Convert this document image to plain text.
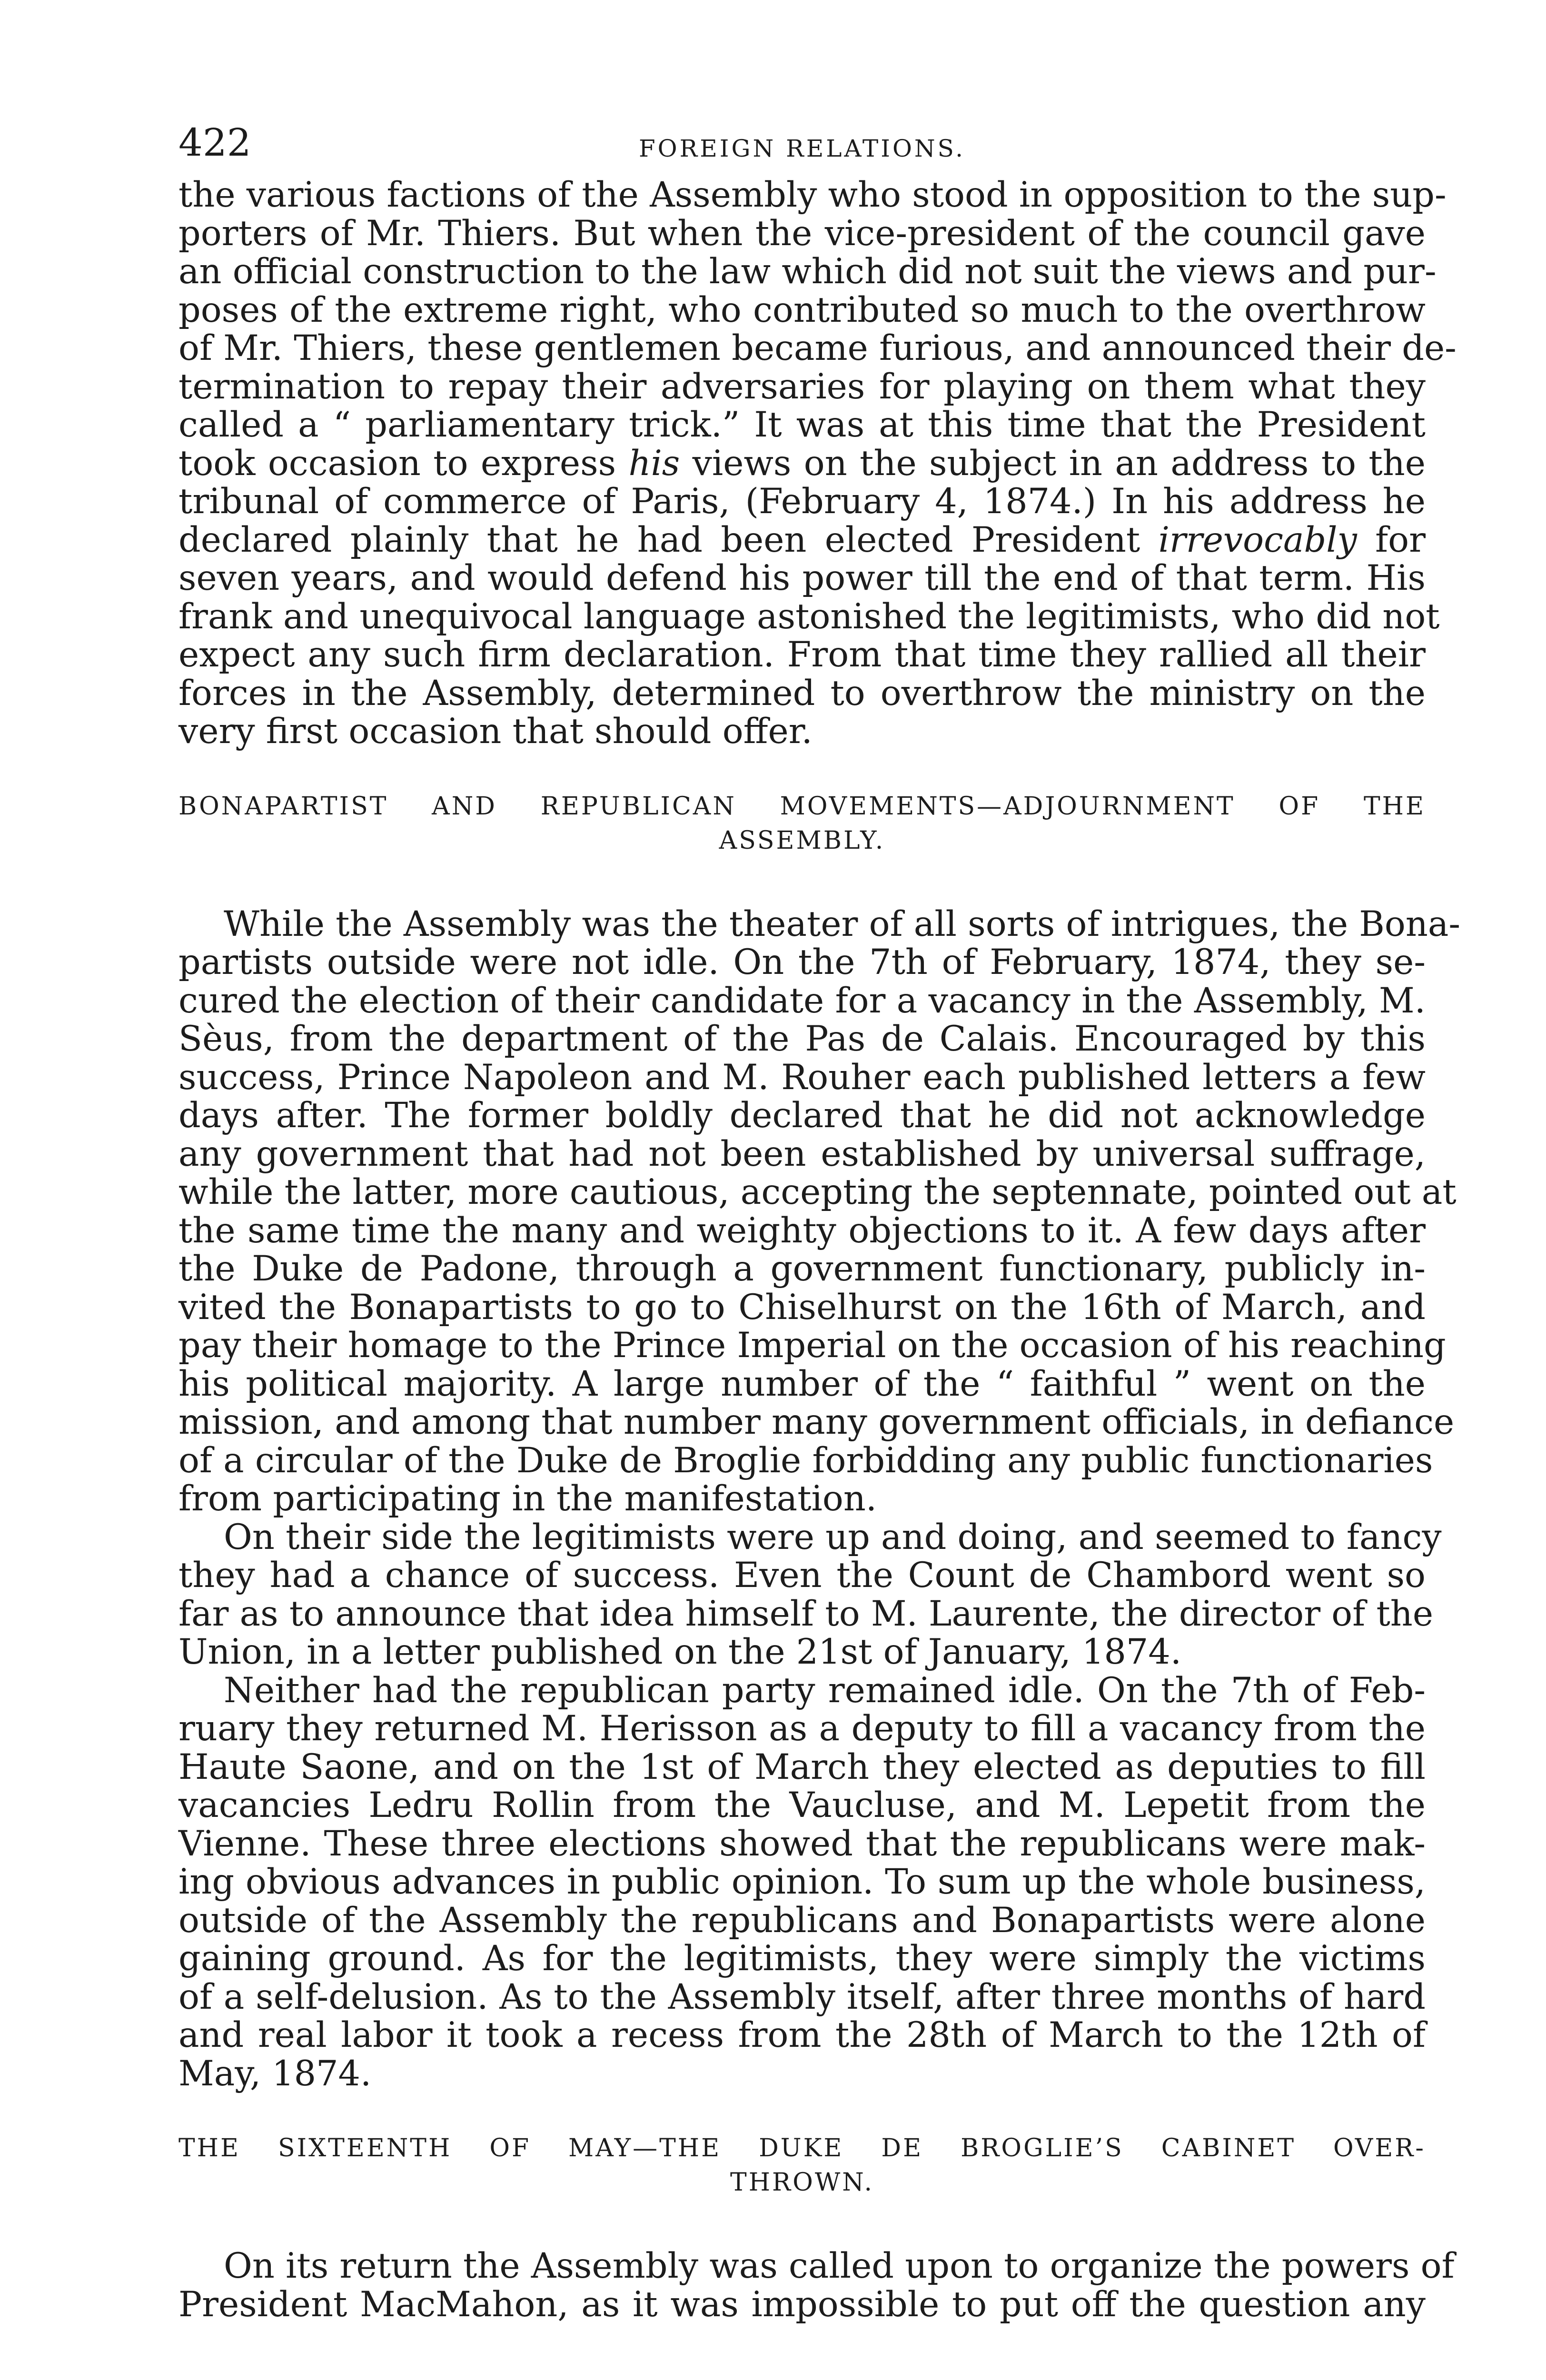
422	FOREIGN RELATIONS.

the various factions of the Assembly who stood in opposition to the sup-
porters of Mr. Thiers. But when the vice-president of the council gave
an official construction to the law which did not suit the views and pur-
poses of the extreme right, who contributed so much to the overthrow
of Mr. Thiers, these gentlemen became furious, and announced their de-
termination to repay their adversaries for playing on them what they
called a “ parliamentary trick.” It was at this time that the President
took occasion to express his views on the subject in an address to the
tribunal of commerce of Paris, (February 4, 1874.) In his address he
declared plainly that he had been elected President irrevocably for
seven years, and would defend his power till the end of that term. His
frank and unequivocal language astonished the legitimists, who did not
expect any such firm declaration. From that time they rallied all their
forces in the Assembly, determined to overthrow the ministry on the
very first occasion that should offer.

BONAPARTIST AND REPUBLICAN MOVEMENTS—ADJOURNMENT OF THE
ASSEMBLY.

While the Assembly was the theater of all sorts of intrigues, the Bona-
partists outside were not idle. On the 7th of February, 1874, they se-
cured the election of their candidate for a vacancy in the Assembly, M.
Sèus, from the department of the Pas de Calais. Encouraged by this
success, Prince Napoleon and M. Rouher each published letters a few
days after. The former boldly declared that he did not acknowledge
any government that had not been established by universal suffrage,
while the latter, more cautious, accepting the septennate, pointed out at
the same time the many and weighty objections to it. A few days after
the Duke de Padone, through a government functionary, publicly in-
vited the Bonapartists to go to Chiselhurst on the 16th of March, and
pay their homage to the Prince Imperial on the occasion of his reaching
his political majority. A large number of the “ faithful ” went on the
mission, and among that number many government officials, in defiance
of a circular of the Duke de Broglie forbidding any public functionaries
from participating in the manifestation.

On their side the legitimists were up and doing, and seemed to fancy
they had a chance of success. Even the Count de Chambord went so
far as to announce that idea himself to M. Laurente, the director of the
Union, in a letter published on the 21st of January, 1874.

Neither had the republican party remained idle. On the 7th of Feb-
ruary they returned M. Herisson as a deputy to fill a vacancy from the
Haute Saone, and on the 1st of March they elected as deputies to fill
vacancies Ledru Rollin from the Vaucluse, and M. Lepetit from the
Vienne. These three elections showed that the republicans were mak-
ing obvious advances in public opinion. To sum up the whole business,
outside of the Assembly the republicans and Bonapartists were alone
gaining ground. As for the legitimists, they were simply the victims
of a self-delusion. As to the Assembly itself, after three months of hard
and real labor it took a recess from the 28th of March to the 12th of
May, 1874.

THE SIXTEENTH OF MAY—THE DUKE DE BROGLIE’S CABINET OVER-
THROWN.

On its return the Assembly was called upon to organize the powers of
President MacMahon, as it was impossible to put off the question any
